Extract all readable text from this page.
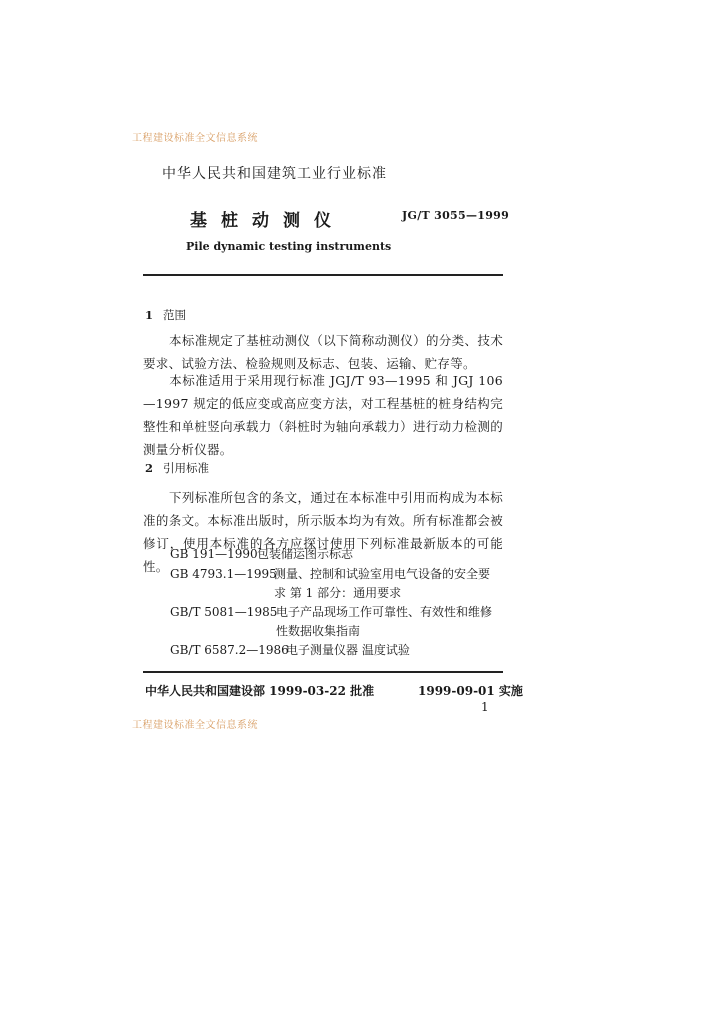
工程建设标准全文信息系统
中华人民共和国建筑工业行业标准
基桩动测仪	JG/T 3055—1999
Pile dynamic testing instruments
1 范围
本标准规定了基桩动测仪（以下简称动测仪）的分类、技术要求、试验方法、检验规则及标志、包装、运输、贮存等。
本标准适用于采用现行标准 JGJ/T 93—1995 和 JGJ 106—1997 规定的低应变或高应变方法，对工程基桩的桩身结构完整性和单桩竖向承载力（斜桩时为轴向承载力）进行动力检测的测量分析仪器。
2 引用标准
下列标准所包含的条文，通过在本标准中引用而构成为本标准的条文。本标准出版时，所示版本均为有效。所有标准都会被修订，使用本标准的各方应探讨使用下列标准最新版本的可能性。
GB 191—1990 包装储运图示标志
GB 4793.1—1995
测量、控制和试验室用电气设备的安全要
求 第 1 部分：通用要求
GB/T 5081—1985
电子产品现场工作可靠性、有效性和维修
性数据收集指南
GB/T 6587.2—1986
电子测量仪器 温度试验
中华人民共和国建设部 1999-03-22 批准	1999-09-01 实施
1
工程建设标准全文信息系统
